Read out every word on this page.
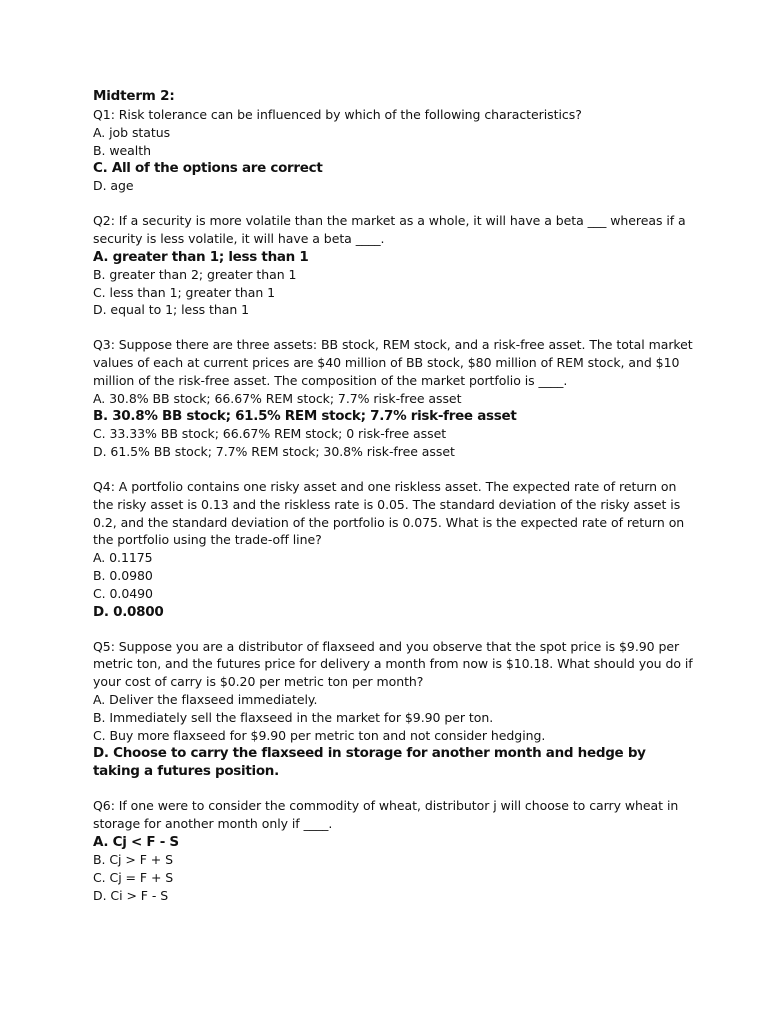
Midterm 2:

Q1: Risk tolerance can be influenced by which of the following characteristics?

A. job status

B. wealth

C. All of the options are correct

D. age

Q2: If a security is more volatile than the market as a whole, it will have a beta ___ whereas if a security is less volatile, it will have a beta ____.

A. greater than 1; less than 1

B. greater than 2; greater than 1

C. less than 1; greater than 1

D. equal to 1; less than 1

Q3: Suppose there are three assets: BB stock, REM stock, and a risk-free asset. The total market values of each at current prices are $40 million of BB stock, $80 million of REM stock, and $10 million of the risk-free asset. The composition of the market portfolio is ____.

A. 30.8% BB stock; 66.67% REM stock; 7.7% risk-free asset

B. 30.8% BB stock; 61.5% REM stock; 7.7% risk-free asset

C. 33.33% BB stock; 66.67% REM stock; 0 risk-free asset

D. 61.5% BB stock; 7.7% REM stock; 30.8% risk-free asset

Q4: A portfolio contains one risky asset and one riskless asset. The expected rate of return on the risky asset is 0.13 and the riskless rate is 0.05. The standard deviation of the risky asset is 0.2, and the standard deviation of the portfolio is 0.075. What is the expected rate of return on the portfolio using the trade-off line?

A. 0.1175

B. 0.0980

C. 0.0490

D. 0.0800

Q5: Suppose you are a distributor of flaxseed and you observe that the spot price is $9.90 per metric ton, and the futures price for delivery a month from now is $10.18. What should you do if your cost of carry is $0.20 per metric ton per month?

A. Deliver the flaxseed immediately.

B. Immediately sell the flaxseed in the market for $9.90 per ton.

C. Buy more flaxseed for $9.90 per metric ton and not consider hedging.

D. Choose to carry the flaxseed in storage for another month and hedge by taking a futures position.

Q6: If one were to consider the commodity of wheat, distributor j will choose to carry wheat in storage for another month only if ____.

A. Cj < F - S

B. Cj > F + S

C. Cj = F + S

D. Ci > F - S
